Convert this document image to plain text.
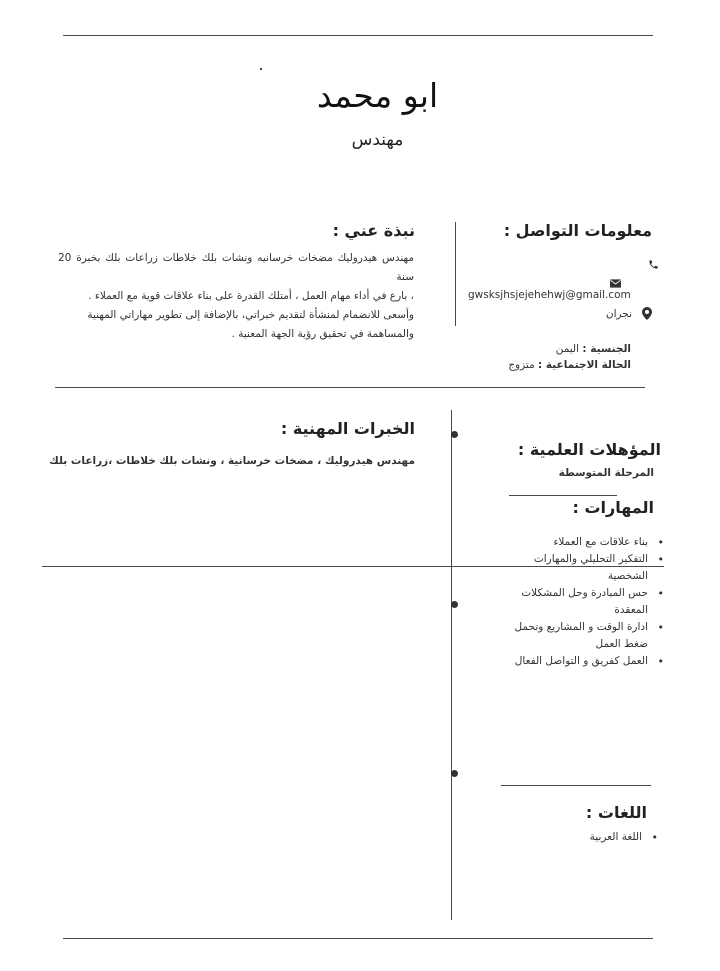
ابو محمد
مهندس
معلومات التواصل :
gwsksjhsjejehehwj@gmail.com
نجران
الجنسية : اليمن
الحالة الاجتماعية : متزوج
نبذة عني :
مهندس هيدروليك مضخات خرسانيه ونشات بلك خلاطات زراعات بلك بخبرة 20 سنة
، بارع في أداء مهام العمل ، أمتلك القدرة على بناء علاقات قوية مع العملاء .
وأسعى للانضمام لمنشأة لتقديم خبراتي، بالإضافة إلى تطوير مهاراتي المهنية
والمساهمة في تحقيق رؤية الجهة المعنية .
الخبرات المهنية :
مهندس هيدروليك ، مضخات خرسانية ، ونشات بلك خلاطات ،زراعات بلك
المؤهلات العلمية :
المرحلة المتوسطة
المهارات :
• بناء علاقات مع العملاء
• التفكير التحليلي والمهارات الشخصية
• حس المبادرة وحل المشكلات المعقدة
• ادارة الوقت و المشاريع وتحمل ضغط العمل
• العمل كفريق و التواصل الفعال
اللغات :
• اللغة العربية
